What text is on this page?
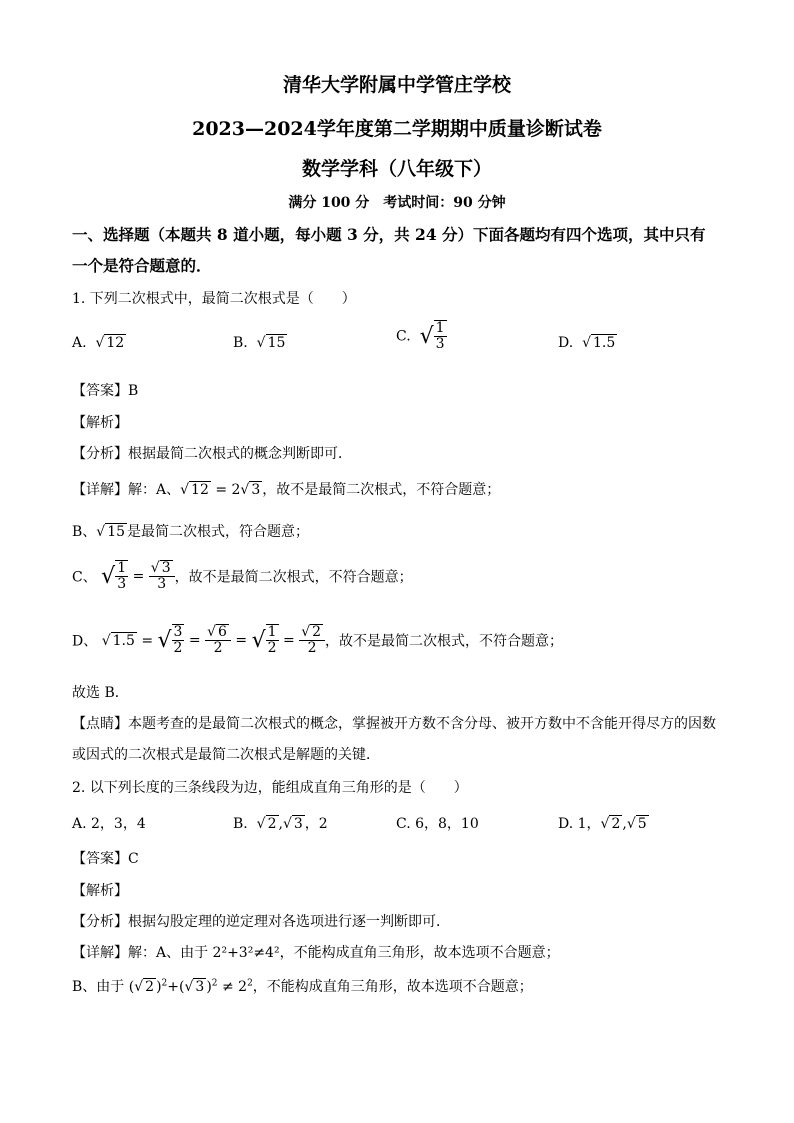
清华大学附属中学管庄学校
2023—2024学年度第二学期期中质量诊断试卷
数学学科（八年级下）
满分 100 分　考试时间：90 分钟
一、选择题（本题共 8 道小题，每小题 3 分，共 24 分）下面各题均有四个选项，其中只有
一个是符合题意的．
1. 下列二次根式中，最简二次根式是（　　）
A. √ 12	B. √ 15	C. √ $\frac{1}{3}$	D. √ 1.5
【答案】B
【解析】
【分析】根据最简二次根式的概念判断即可．
【详解】解：A、√ 12 = 2√ 3 ，故不是最简二次根式，不符合题意；
B、√ 15 是最简二次根式，符合题意；
C、 √ $\frac{1}{3} = \frac{√ 3}{3}$ ，故不是最简二次根式，不符合题意；
D、 √ 1.5 = √ $\frac{3}{2} = \frac{√ 6}{2}$ = √ $\frac{1}{2} = \frac{√ 2}{2}$ ，故不是最简二次根式，不符合题意；
故选 B．
【点睛】本题考查的是最简二次根式的概念，掌握被开方数不含分母、被开方数中不含能开得尽方的因数
或因式的二次根式是最简二次根式是解题的关键．
2. 以下列长度的三条线段为边，能组成直角三角形的是（　　）
A. 2，3，4	B.  √ 2 ,√ 3 ，2	C. 6，8，10	D. 1，√ 2 ,√ 5
【答案】C
【解析】
【分析】根据勾股定理的逆定理对各选项进行逐一判断即可．
【详解】解：A、由于 2²+3²≠4²，不能构成直角三角形，故本选项不合题意；
B、由于 (√ 2 )$^2$+(√ 3 )$^2 \ne 2^2$，不能构成直角三角形，故本选项不合题意；
